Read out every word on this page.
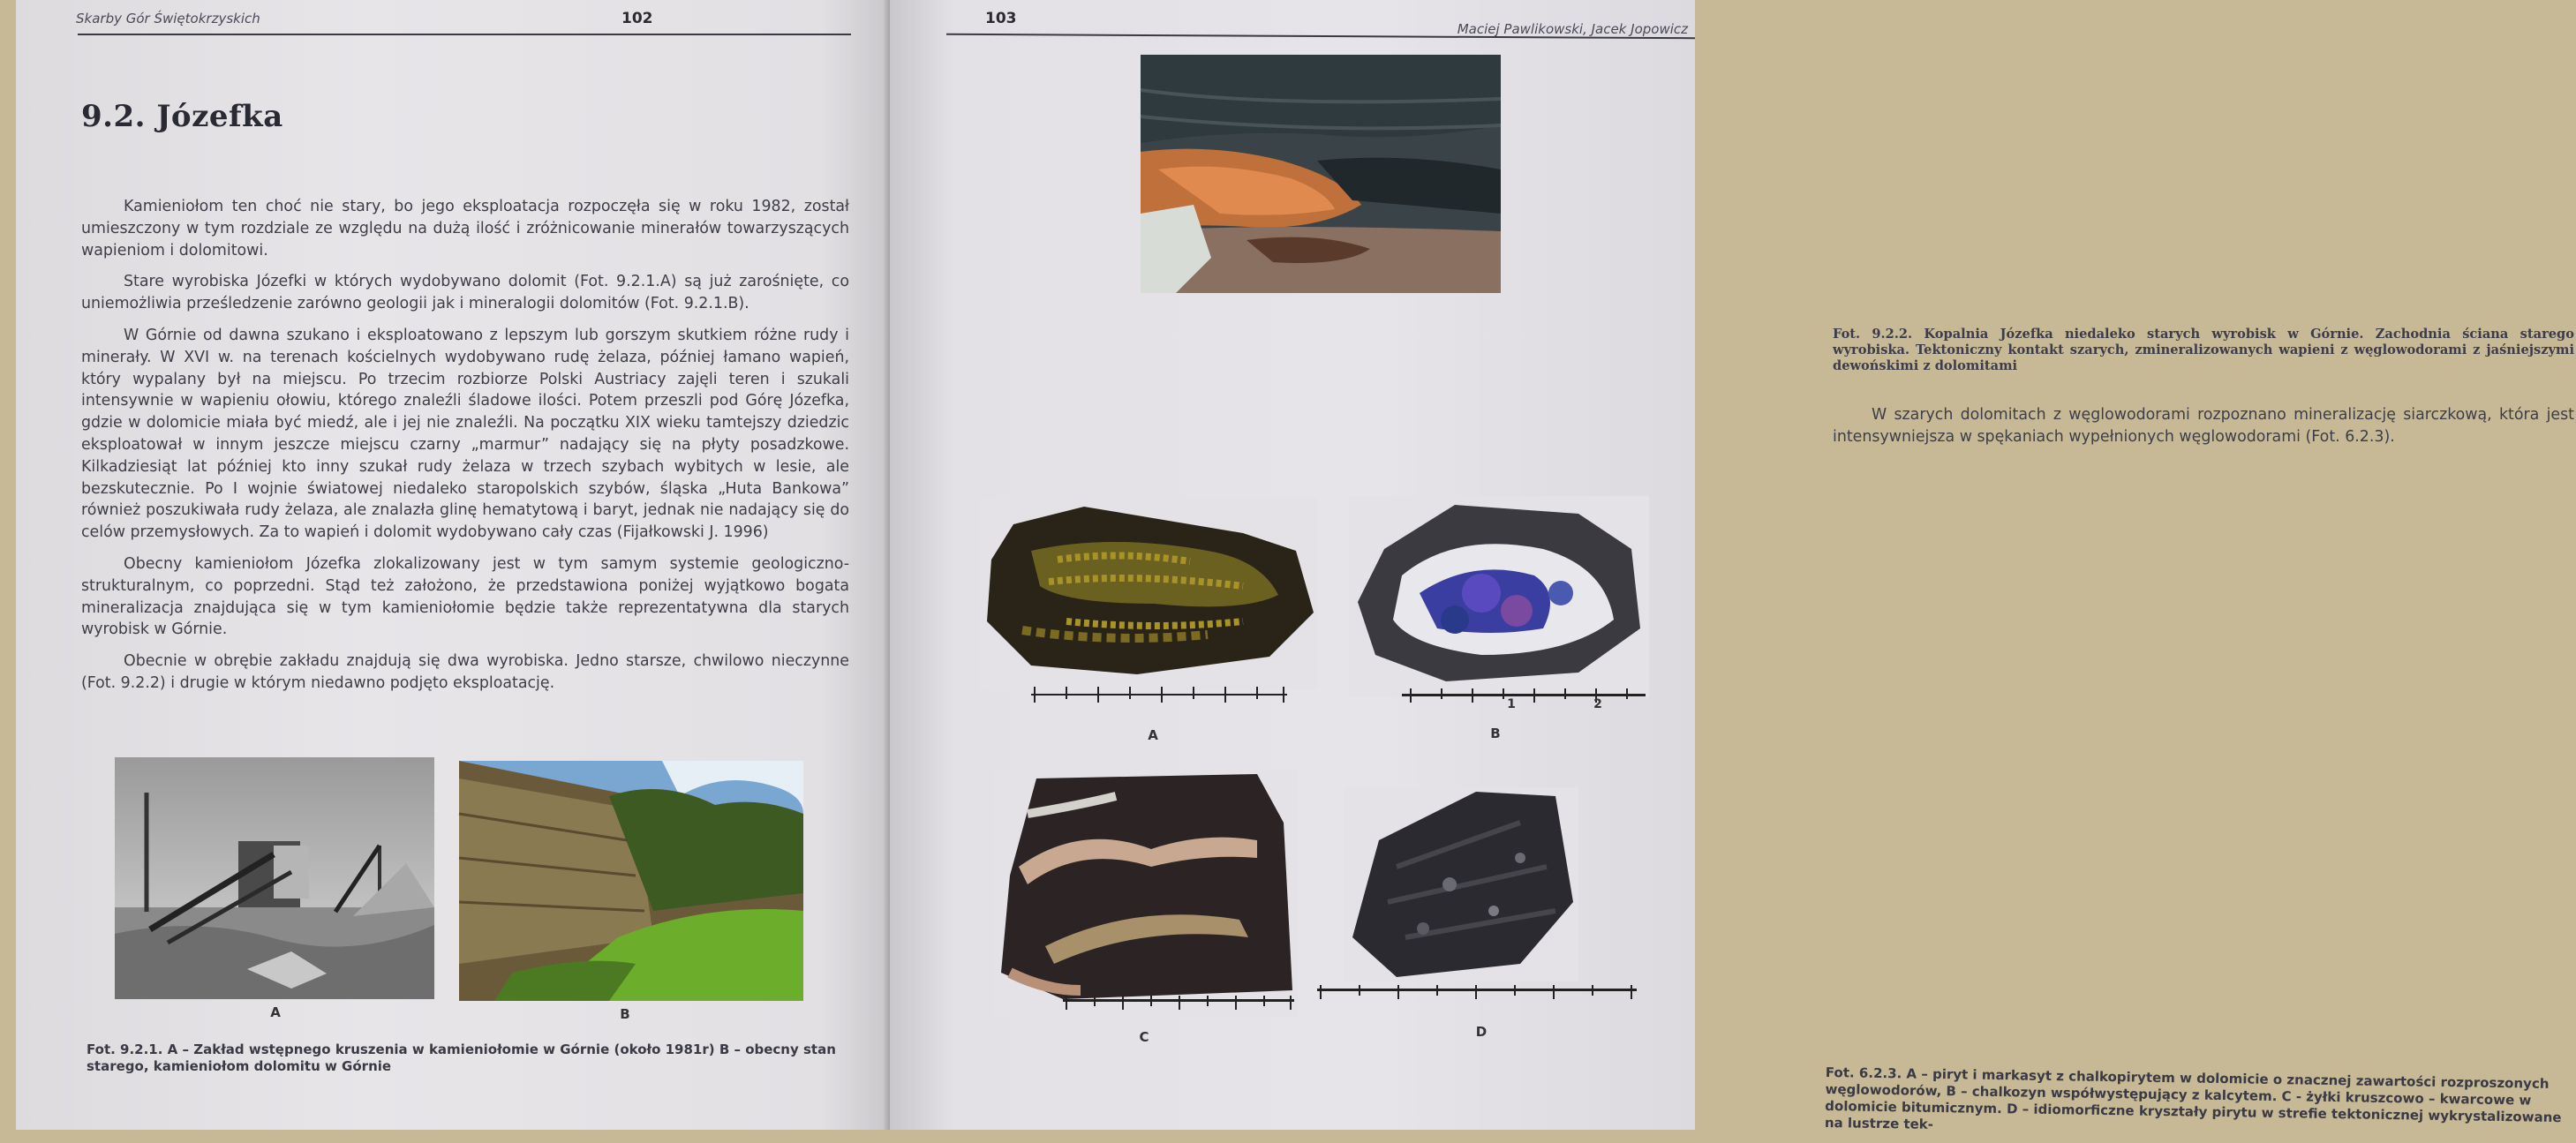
Skarby Gór Świętokrzyskich	102
9.2. Józefka

Kamieniołom ten choć nie stary, bo jego eksploatacja rozpoczęła się w roku 1982, został umieszczony w tym rozdziale ze względu na dużą ilość i zróżnicowanie minerałów towarzyszących wapieniom i dolomitowi.

Stare wyrobiska Józefki w których wydobywano dolomit (Fot. 9.2.1.A) są już zarośnięte, co uniemożliwia prześledzenie zarówno geologii jak i mineralogii dolomitów (Fot. 9.2.1.B).

W Górnie od dawna szukano i eksploatowano z lepszym lub gorszym skutkiem różne rudy i minerały. W XVI w. na terenach kościelnych wydobywano rudę żelaza, później łamano wapień, który wypalany był na miejscu. Po trzecim rozbiorze Polski Austriacy zajęli teren i szukali intensywnie w wapieniu ołowiu, którego znaleźli śladowe ilości. Potem przeszli pod Górę Józefka, gdzie w dolomicie miała być miedź, ale i jej nie znaleźli. Na początku XIX wieku tamtejszy dziedzic eksploatował w innym jeszcze miejscu czarny „marmur” nadający się na płyty posadzkowe. Kilkadziesiąt lat później kto inny szukał rudy żelaza w trzech szybach wybitych w lesie, ale bezskutecznie. Po I wojnie światowej niedaleko staropolskich szybów, śląska „Huta Bankowa” również poszukiwała rudy żelaza, ale znalazła glinę hematytową i baryt, jednak nie nadający się do celów przemysłowych. Za to wapień i dolomit wydobywano cały czas (Fijałkowski J. 1996)

Obecny kamieniołom Józefka zlokalizowany jest w tym samym systemie geologiczno-strukturalnym, co poprzedni. Stąd też założono, że przedstawiona poniżej wyjątkowo bogata mineralizacja znajdująca się w tym kamieniołomie będzie także reprezentatywna dla starych wyrobisk w Górnie.

Obecnie w obrębie zakładu znajdują się dwa wyrobiska. Jedno starsze, chwilowo nieczynne (Fot. 9.2.2) i drugie w którym niedawno podjęto eksploatację.

A	B
Fot. 9.2.1. A – Zakład wstępnego kruszenia w kamieniołomie w Górnie (około 1981r) B – obecny stan starego, kamieniołom dolomitu w Górnie
103
Maciej Pawlikowski, Jacek Jopowicz
Fot. 9.2.2. Kopalnia Józefka niedaleko starych wyrobisk w Górnie. Zachodnia ściana starego wyrobiska. Tektoniczny kontakt szarych, zmineralizowanych wapieni z węglowodorami z jaśniejszymi dewońskimi z dolomitami

W szarych dolomitach z węglowodorami rozpoznano mineralizację siarczkową, która jest intensywniejsza w spękaniach wypełnionych węglowodorami (Fot. 6.2.3).

A
1	2
B
C	D
Fot. 6.2.3. A – piryt i markasyt z chalkopirytem w dolomicie o znacznej zawartości rozproszonych węglowodorów, B – chalkozyn współwystępujący z kalcytem. C - żyłki kruszcowo – kwarcowe w dolomicie bitumicznym. D – idiomorficzne kryształy pirytu w strefie tektonicznej wykrystalizowane na lustrze tek-
